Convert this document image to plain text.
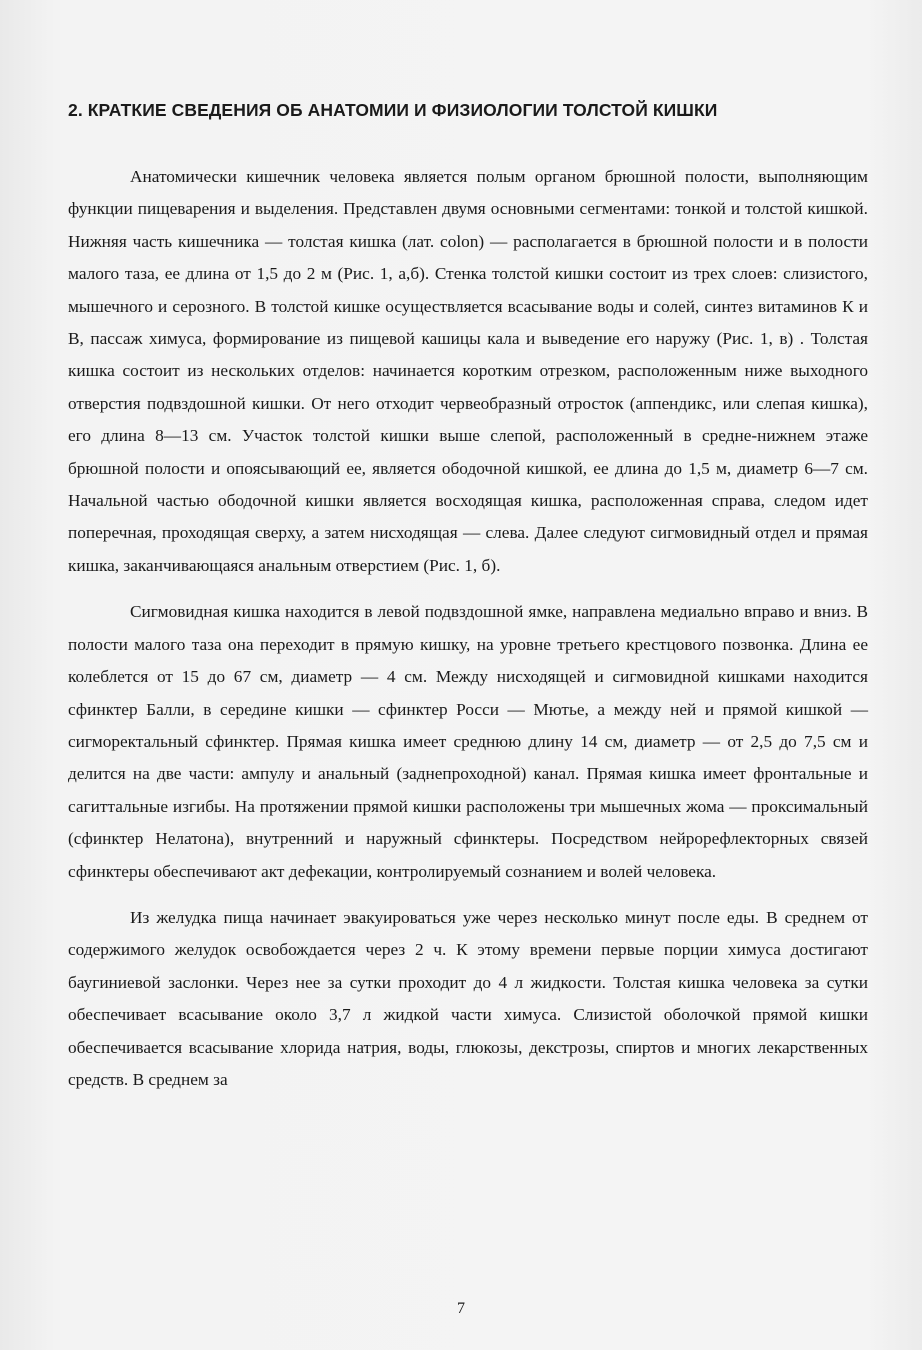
2. КРАТКИЕ СВЕДЕНИЯ ОБ АНАТОМИИ И ФИЗИОЛОГИИ ТОЛСТОЙ КИШКИ

Анатомически кишечник человека является полым органом брюшной полости, выполняющим функции пищеварения и выделения. Представлен двумя основными сегментами: тонкой и толстой кишкой. Нижняя часть кишечника — толстая кишка (лат. colon) — располагается в брюшной полости и в полости малого таза, ее длина от 1,5 до 2 м (Рис. 1, а,б). Стенка толстой кишки состоит из трех слоев: слизистого, мышечного и серозного. В толстой кишке осуществляется всасывание воды и солей, синтез витаминов К и В, пассаж химуса, формирование из пищевой кашицы кала и выведение его наружу (Рис. 1, в) . Толстая кишка состоит из нескольких отделов: начинается коротким отрезком, расположенным ниже выходного отверстия подвздошной кишки. От него отходит червеобразный отросток (аппендикс, или слепая кишка), его длина 8—13 см. Участок толстой кишки выше слепой, расположенный в средне-нижнем этаже брюшной полости и опоясывающий ее, является ободочной кишкой, ее длина до 1,5 м, диаметр 6—7 см. Начальной частью ободочной кишки является восходящая кишка, расположенная справа, следом идет поперечная, проходящая сверху, а затем нисходящая — слева. Далее следуют сигмовидный отдел и прямая кишка, заканчивающаяся анальным отверстием (Рис. 1, б).

Сигмовидная кишка находится в левой подвздошной ямке, направлена медиально вправо и вниз. В полости малого таза она переходит в прямую кишку, на уровне третьего крестцового позвонка. Длина ее колеблется от 15 до 67 см, диаметр — 4 см. Между нисходящей и сигмовидной кишками находится сфинктер Балли, в середине кишки — сфинктер Росси — Мютье, а между ней и прямой кишкой — сигморектальный сфинктер. Прямая кишка имеет среднюю длину 14 см, диаметр — от 2,5 до 7,5 см и делится на две части: ампулу и анальный (заднепроходной) канал. Прямая кишка имеет фронтальные и сагиттальные изгибы. На протяжении прямой кишки расположены три мышечных жома — проксимальный (сфинктер Нелатона), внутренний и наружный сфинктеры. Посредством нейрорефлекторных связей сфинктеры обеспечивают акт дефекации, контролируемый сознанием и волей человека.

Из желудка пища начинает эвакуироваться уже через несколько минут после еды. В среднем от содержимого желудок освобождается через 2 ч. К этому времени первые порции химуса достигают баугиниевой заслонки. Через нее за сутки проходит до 4 л жидкости. Толстая кишка человека за сутки обеспечивает всасывание около 3,7 л жидкой части химуса. Слизистой оболочкой прямой кишки обеспечивается всасывание хлорида натрия, воды, глюкозы, декстрозы, спиртов и многих лекарственных средств. В среднем за

7
